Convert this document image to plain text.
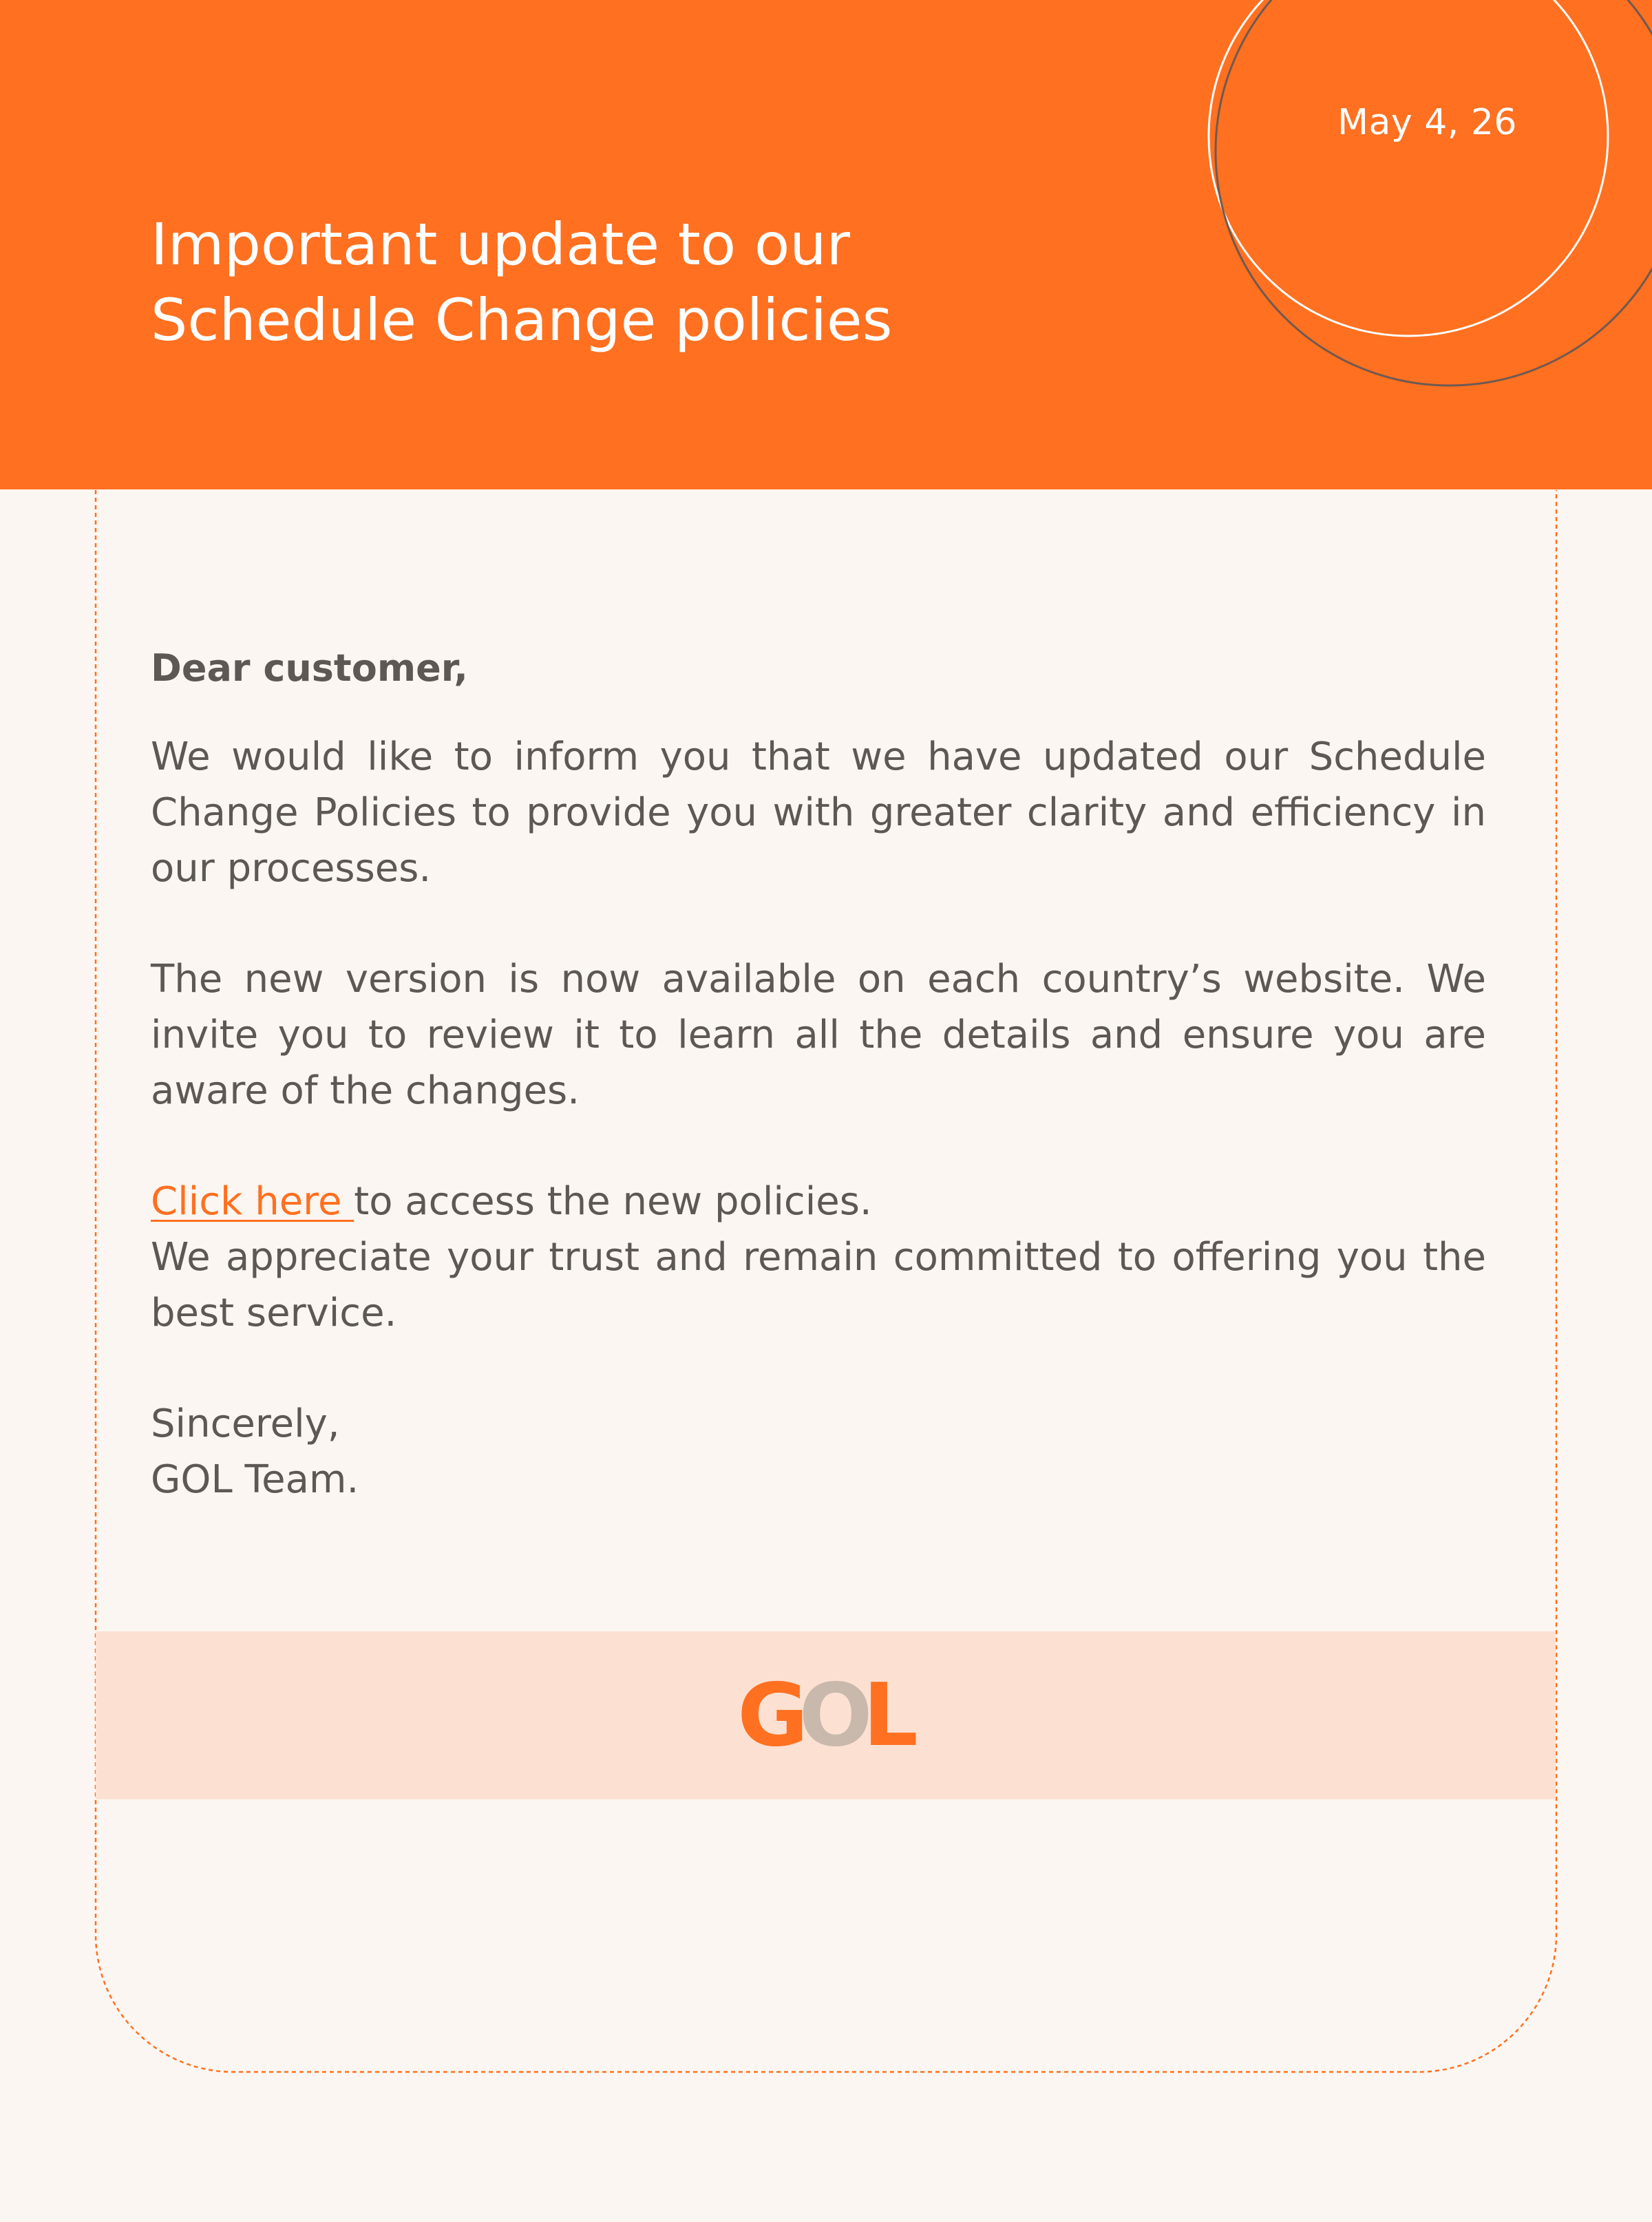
May 4, 26
Important update to our Schedule Change policies

Dear customer,

We would like to inform you that we have updated our Schedule Change Policies to provide you with greater clarity and efficiency in our processes.

The new version is now available on each country’s website. We invite you to review it to learn all the details and ensure you are aware of the changes.

Click here to access the new policies.

We appreciate your trust and remain committed to offering you the best service.

Sincerely,

GOL Team.

G
O
L
